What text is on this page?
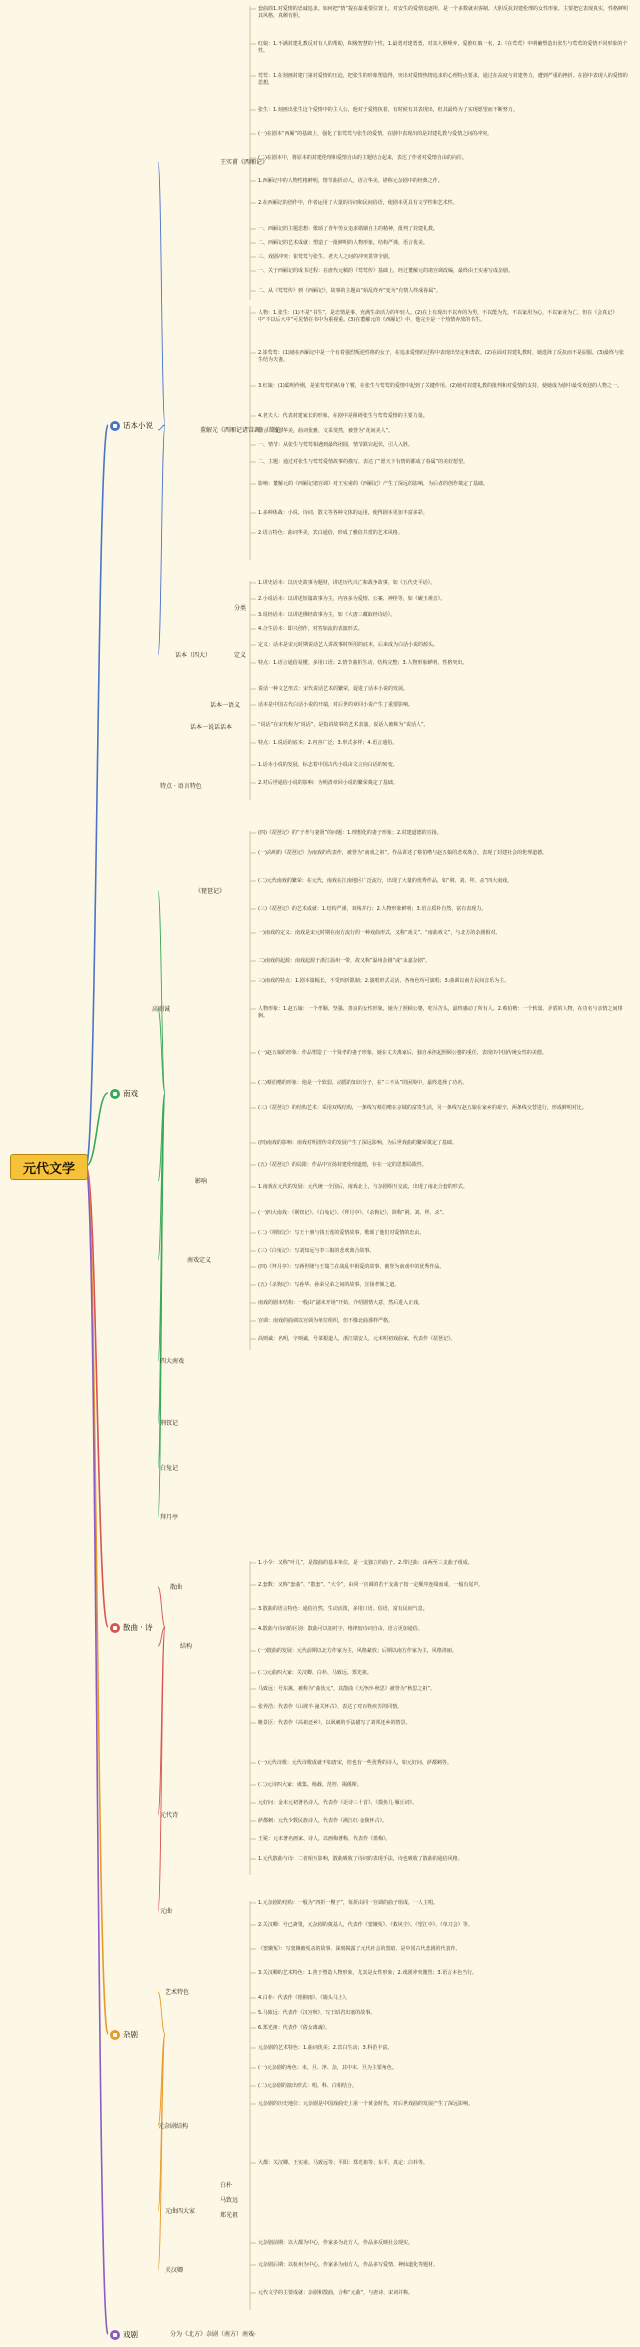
元代文学
话本小说
南戏
散曲 · 诗
杂剧
戏剧
王实甫《西厢记》
董解元《西厢记诸宫调》（简论）
话本（四大）
分类
定义
话本一语义
话本一说话话本
特点 · 语言特色
《琵琶记》
高则诚
影响
南戏定义
四大南戏
荆钗记
白兔记
拜月亭
散曲
结构
元代诗
元曲
艺术特色
元杂剧结构
元曲四大家
关汉卿
白朴
马致远
郑光祖

套曲简1.对爱情的忠诚追求。如何把“情”提在最重要位置上，对安生的爱情追逐所，是一个多数就卖客制。大胆反抗封建伦理的女性形象，主要把它表现真实，性格鲜明其风格，真颇有胆。

红娘：1.不满封建礼教反对有人的帮助，积极智慧的个性，1.最勇对建勇勇，对其大胆唾弃，爱推红娘一名，2.《在莺莺》中明确塑造出张生与莺莺的爱情不同形象的个性。

莺莺：1.在刻画封建门第对爱情的压迫，把张生的形象塑造得，突出对爱情热情追求的心理特点要求，通过在高度与封建势力，遭到严重的挫折。在剧中表现人的爱情的思想，

张生：1.刻画出张生这个爱情中的主人公，他对于爱情执着，有时候有其表现出，但其最终为了实现愿望而不断努力。

(一)在剧本“西厢”的基础上，强化了崔莺莺与张生的爱情，在剧中表现出的是封建礼教与爱情之间的冲突。

(二)在剧本中，将原本的封建伦理和爱情自由的主题结合起来，表达了作者对爱情自由的向往。

1.西厢记中的人物性格鲜明，情节曲折动人，语言华美，堪称元杂剧中的经典之作。

2.在西厢记的创作中，作者运用了大量的诗词和民间俗语，使剧本更具有文学性和艺术性。

一、西厢记的主题思想：歌颂了青年男女追求婚姻自主的精神，批判了封建礼教。

二、西厢记的艺术成就：塑造了一批鲜明的人物形象，结构严谨，语言优美。

三、戏剧冲突：崔莺莺与张生、老夫人之间的冲突贯穿全剧。

一、关于西厢记的成书过程：在唐代元稹的《莺莺传》基础上，经过董解元的诸宫调改编，最终由王实甫写成杂剧。

二、从《莺莺传》到《西厢记》，故事的主题由“始乱终弃”变为“有情人终成眷属”。

人物：1.张生：(1)不是“书生”，是忠情是事、充满生命活力的年轻人。(2)在上有现出不以弃的为男，不以能为先，不以家用为心，不以家业为亡，但在《会真记》中“不以后大中”可见情在书中为重视重。(3)在董解元的《西厢记》中，他完全是一个热情奔放的书生。

2.崔莺莺：(1)她在西厢记中是一个有着强烈叛逆性格的女子，在追求爱情的过程中表现出坚定和勇敢。(2)在面对封建礼教时，她选择了反抗而不是屈服。(3)最终与张生结为夫妻。

3.红娘：(1)聪明伶俐，是崔莺莺的贴身丫鬟，在张生与莺莺的爱情中起到了关键作用。(2)她对封建礼教的批判和对爱情的支持，使她成为剧中最受欢迎的人物之一。

4.老夫人：代表封建家长的形象，在剧中是阻碍张生与莺莺爱情的主要力量。

语言：语言华美，曲词优雅，文采斐然，被誉为“花间美人”。

一、情节：从张生与莺莺相遇到最终团圆，情节跌宕起伏，引人入胜。

二、主题：通过对张生与莺莺爱情故事的描写，表达了“愿天下有情的都成了眷属”的美好愿望。

影响：董解元的《西厢记诸宫调》对王实甫的《西厢记》产生了深远的影响，为后者的创作奠定了基础。

1.多种体裁：小说、诗词、散文等各种文体的运用，使得剧本更加丰富多彩。

2.语言特色：曲词华美，宾白通俗，形成了雅俗共赏的艺术风格。

1.讲史话本：以历史故事为题材，讲述历代兴亡和战争故事，如《五代史平话》。

2.小说话本：以讲述短篇故事为主，内容多为爱情、公案、神怪等，如《碾玉观音》。

3.说经话本：以讲述佛经故事为主，如《大唐三藏取经诗话》。

4.合生话本：即兴创作，对答如流的表演形式。

定义：话本是宋元时期说话艺人讲故事时所用的底本，后来成为白话小说的源头。

特点：1.语言通俗易懂，多用口语；2.情节曲折生动，结构完整；3.人物形象鲜明，性格突出。

说话一种文艺形式：宋代说话艺术的繁荣，促进了话本小说的发展。

话本是中国古代白话小说的开端，对后世的章回小说产生了重要影响。

“说话”在宋代称为“说话”，是指讲故事的艺术表演，说话人被称为“说话人”。

特点：1.说话的底本；2.内容广泛；3.形式多样；4.语言通俗。

1.话本小说的发展，标志着中国古代小说由文言向白话的转变。

2.对后世通俗小说的影响：为明清章回小说的繁荣奠定了基础。

(四)《琵琶记》的“子孝与妻贤”的问题：1.理想化的妻子形象；2.封建道德的宣扬。

(一)高明的《琵琶记》为南戏的代表作，被誉为“南戏之祖”。作品讲述了蔡伯喈与赵五娘的悲欢离合，表现了封建社会的伦理道德。

(二)元代南戏的繁荣：在元代，南戏在江南地区广泛流行，出现了大量的优秀作品，如“荆、刘、拜、杀”四大南戏。

(三)《琵琶记》的艺术成就：1.结构严谨，双线并行；2.人物形象鲜明；3.语言质朴自然，富有表现力。

一)南戏的定义：南戏是宋元时期在南方流行的一种戏曲形式，又称“戏文”、“南曲戏文”，与北方的杂剧相对。

二)南戏的起源：南戏起源于浙江温州一带，故又称“温州杂剧”或“永嘉杂剧”。

三)南戏的特点：1.剧本篇幅长，不受四折限制；2.演唱形式灵活，各角色均可演唱；3.曲调以南方民间音乐为主。

人物形象：1.赵五娘：一个孝顺、坚强、善良的女性形象，她为了照顾公婆，吃尽苦头，最终感动了所有人。2.蔡伯喈：一个软弱、矛盾的人物，在功名与亲情之间徘徊。

(一)赵五娘的形象：作品塑造了一个贤孝的妻子形象，她在丈夫离家后，独自承担起照顾公婆的重任，表现出中国传统女性的美德。

(二)蔡伯喈的形象：他是一个软弱、动摇的知识分子，在“三不从”的困境中，最终选择了功名。

(三)《琵琶记》的结构艺术：采用双线结构，一条线写蔡伯喈在京城的富贵生活，另一条线写赵五娘在家乡的艰辛，两条线交替进行，形成鲜明对比。

(四)南戏的影响：南戏对明清传奇的发展产生了深远影响，为后世戏曲的繁荣奠定了基础。

(五)《琵琶记》的局限：作品中宣扬封建伦理道德，存在一定的思想局限性。

1.南戏在元代的发展：元代统一全国后，南戏北上，与杂剧相互交流，出现了南北合套的形式。

(一)四大南戏：《荆钗记》、《白兔记》、《拜月亭》、《杀狗记》，简称“荆、刘、拜、杀”。

(二)《荆钗记》：写王十朋与钱玉莲的爱情故事，歌颂了他们对爱情的忠贞。

(三)《白兔记》：写刘知远与李三娘的悲欢离合故事。

(四)《拜月亭》：写蒋世隆与王瑞兰在战乱中相爱的故事，被誉为南戏中的优秀作品。

(五)《杀狗记》：写孙华、孙荣兄弟之间的故事，宣扬孝悌之道。

南戏的剧本结构：一般由“副末开场”开始，介绍剧情大意，然后进入正戏。

宫调：南戏的曲调以宫调为单位组织，但不像北曲那样严格。

高则诚：名明，字则诚，号菜根道人，浙江瑞安人，元末明初戏曲家，代表作《琵琶记》。

1.小令：又称“叶儿”，是散曲的基本单位，是一支独立的曲子。2.带过曲：由两至三支曲子组成。

2.套数：又称“套曲”、“散套”、“大令”，由同一宫调的若干支曲子按一定顺序连缀而成，一般有尾声。

3.散曲的语言特色：通俗自然，生动活泼，多用口语、俗语，富有民间气息。

4.散曲与诗词的区别：散曲可以加衬字，格律较诗词自由，语言更加通俗。

(一)散曲的发展：元代前期以北方作家为主，风格豪放；后期以南方作家为主，风格清丽。

(二)元曲四大家：关汉卿、白朴、马致远、郑光祖。

马致远：号东篱，被称为“曲状元”，其散曲《天净沙·秋思》被誉为“秋思之祖”。

张养浩：代表作《山坡羊·潼关怀古》，表达了对百姓疾苦的同情。

睢景臣：代表作《高祖还乡》，以讽刺的手法描写了刘邦还乡的情景。

(一)元代诗歌：元代诗歌成就不如唐宋，但也有一些优秀的诗人，如元好问、萨都剌等。

(二)元诗四大家：虞集、杨载、范梈、揭傒斯。

元好问：金末元初著名诗人，代表作《论诗三十首》、《摸鱼儿·雁丘词》。

萨都剌：元代少数民族诗人，代表作《满江红·金陵怀古》。

王冕：元末著名画家、诗人，以画梅著称，代表作《墨梅》。

1.元代散曲与诗：二者相互影响，散曲吸收了诗词的表现手法，诗也吸收了散曲的通俗风格。

1.元杂剧的结构：一般为“四折一楔子”，每折由同一宫调的曲子组成，一人主唱。

2.关汉卿：号已斋叟，元杂剧的奠基人，代表作《窦娥冤》、《救风尘》、《望江亭》、《单刀会》等。

《窦娥冤》：写窦娥被冤杀的故事，深刻揭露了元代社会的黑暗，是中国古代悲剧的代表作。

3.关汉卿的艺术特色：1.善于塑造人物形象，尤其是女性形象；2.戏剧冲突激烈；3.语言本色当行。

4.白朴：代表作《梧桐雨》、《墙头马上》。

5.马致远：代表作《汉宫秋》，写王昭君出塞的故事。

6.郑光祖：代表作《倩女离魂》。

元杂剧的艺术特色：1.曲词优美；2.宾白生动；3.科范丰富。

(一)元杂剧的角色：末、旦、净、杂，其中末、旦为主要角色。

(二)元杂剧的演出形式：唱、科、白相结合。

元杂剧的历史地位：元杂剧是中国戏曲史上第一个黄金时代，对后世戏曲的发展产生了深远影响。

大都：关汉卿、王实甫、马致远等；平阳：郑光祖等；东平、真定：白朴等。

元杂剧前期：以大都为中心，作家多为北方人，作品多反映社会现实。

元杂剧后期：以杭州为中心，作家多为南方人，作品多写爱情、神仙道化等题材。

元代文学的主要成就：杂剧和散曲，合称“元曲”，与唐诗、宋词并称。

分为《北方》杂剧（南方）南戏
